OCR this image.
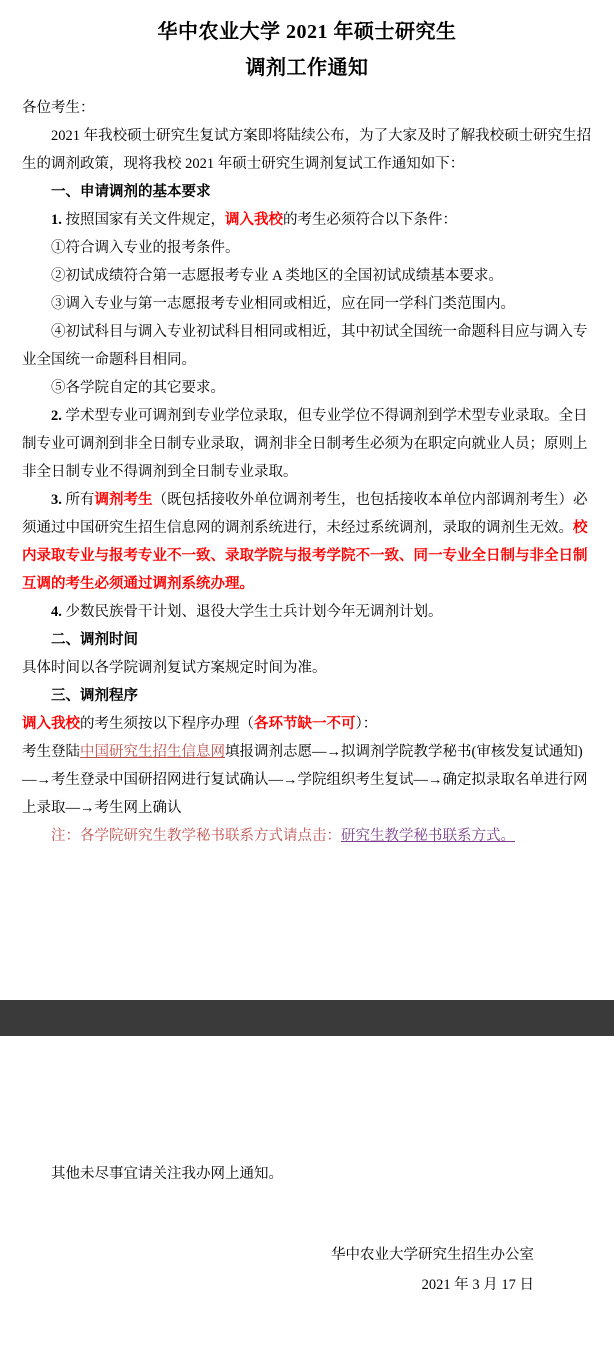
华中农业大学 2021 年硕士研究生
调剂工作通知

各位考生：

2021 年我校硕士研究生复试方案即将陆续公布，为了大家及时了解我校硕士研究生招生的调剂政策，现将我校 2021 年硕士研究生调剂复试工作通知如下：

一、申请调剂的基本要求

1. 按照国家有关文件规定，调入我校的考生必须符合以下条件：

①符合调入专业的报考条件。

②初试成绩符合第一志愿报考专业 A 类地区的全国初试成绩基本要求。

③调入专业与第一志愿报考专业相同或相近，应在同一学科门类范围内。

④初试科目与调入专业初试科目相同或相近，其中初试全国统一命题科目应与调入专业全国统一命题科目相同。

⑤各学院自定的其它要求。

2. 学术型专业可调剂到专业学位录取，但专业学位不得调剂到学术型专业录取。全日制专业可调剂到非全日制专业录取，调剂非全日制考生必须为在职定向就业人员；原则上非全日制专业不得调剂到全日制专业录取。

3. 所有调剂考生（既包括接收外单位调剂考生，也包括接收本单位内部调剂考生）必须通过中国研究生招生信息网的调剂系统进行，未经过系统调剂，录取的调剂生无效。校内录取专业与报考专业不一致、录取学院与报考学院不一致、同一专业全日制与非全日制互调的考生必须通过调剂系统办理。

4. 少数民族骨干计划、退役大学生士兵计划今年无调剂计划。

二、调剂时间

具体时间以各学院调剂复试方案规定时间为准。

三、调剂程序

调入我校的考生须按以下程序办理（各环节缺一不可）：

考生登陆中国研究生招生信息网填报调剂志愿—→拟调剂学院教学秘书(审核发复试通知)—→考生登录中国研招网进行复试确认—→学院组织考生复试—→确定拟录取名单进行网上录取—→考生网上确认

注：各学院研究生教学秘书联系方式请点击：研究生教学秘书联系方式。

其他未尽事宜请关注我办网上通知。

华中农业大学研究生招生办公室
2021 年 3 月 17 日
